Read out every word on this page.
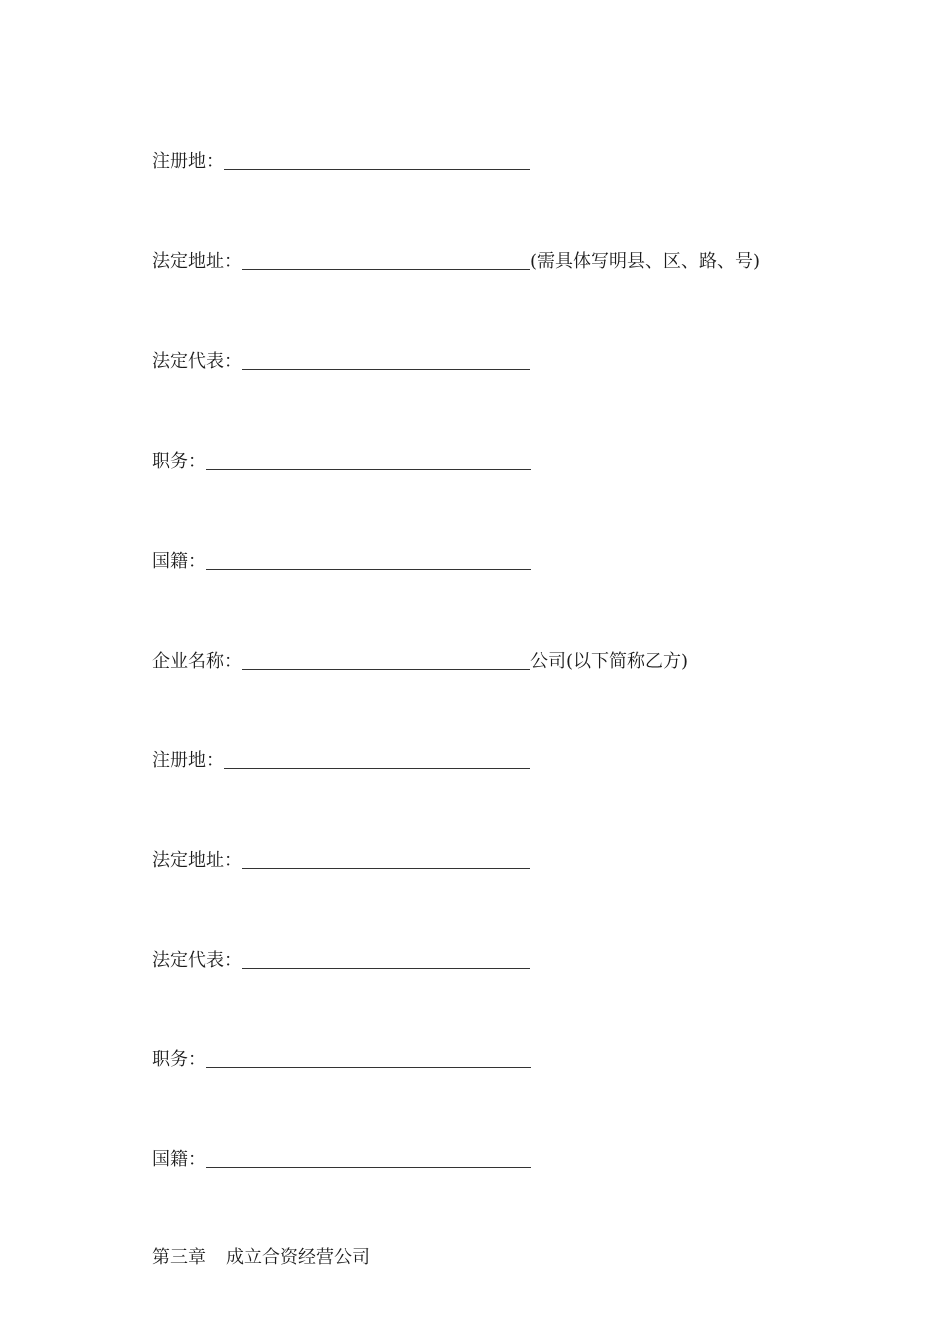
注册地：
法定地址：	(需具体写明县、区、路、号)
法定代表：
职务：
国籍：
企业名称：	公司(以下简称乙方)
注册地：
法定地址：
法定代表：
职务：
国籍：
第三章 成立合资经营公司
